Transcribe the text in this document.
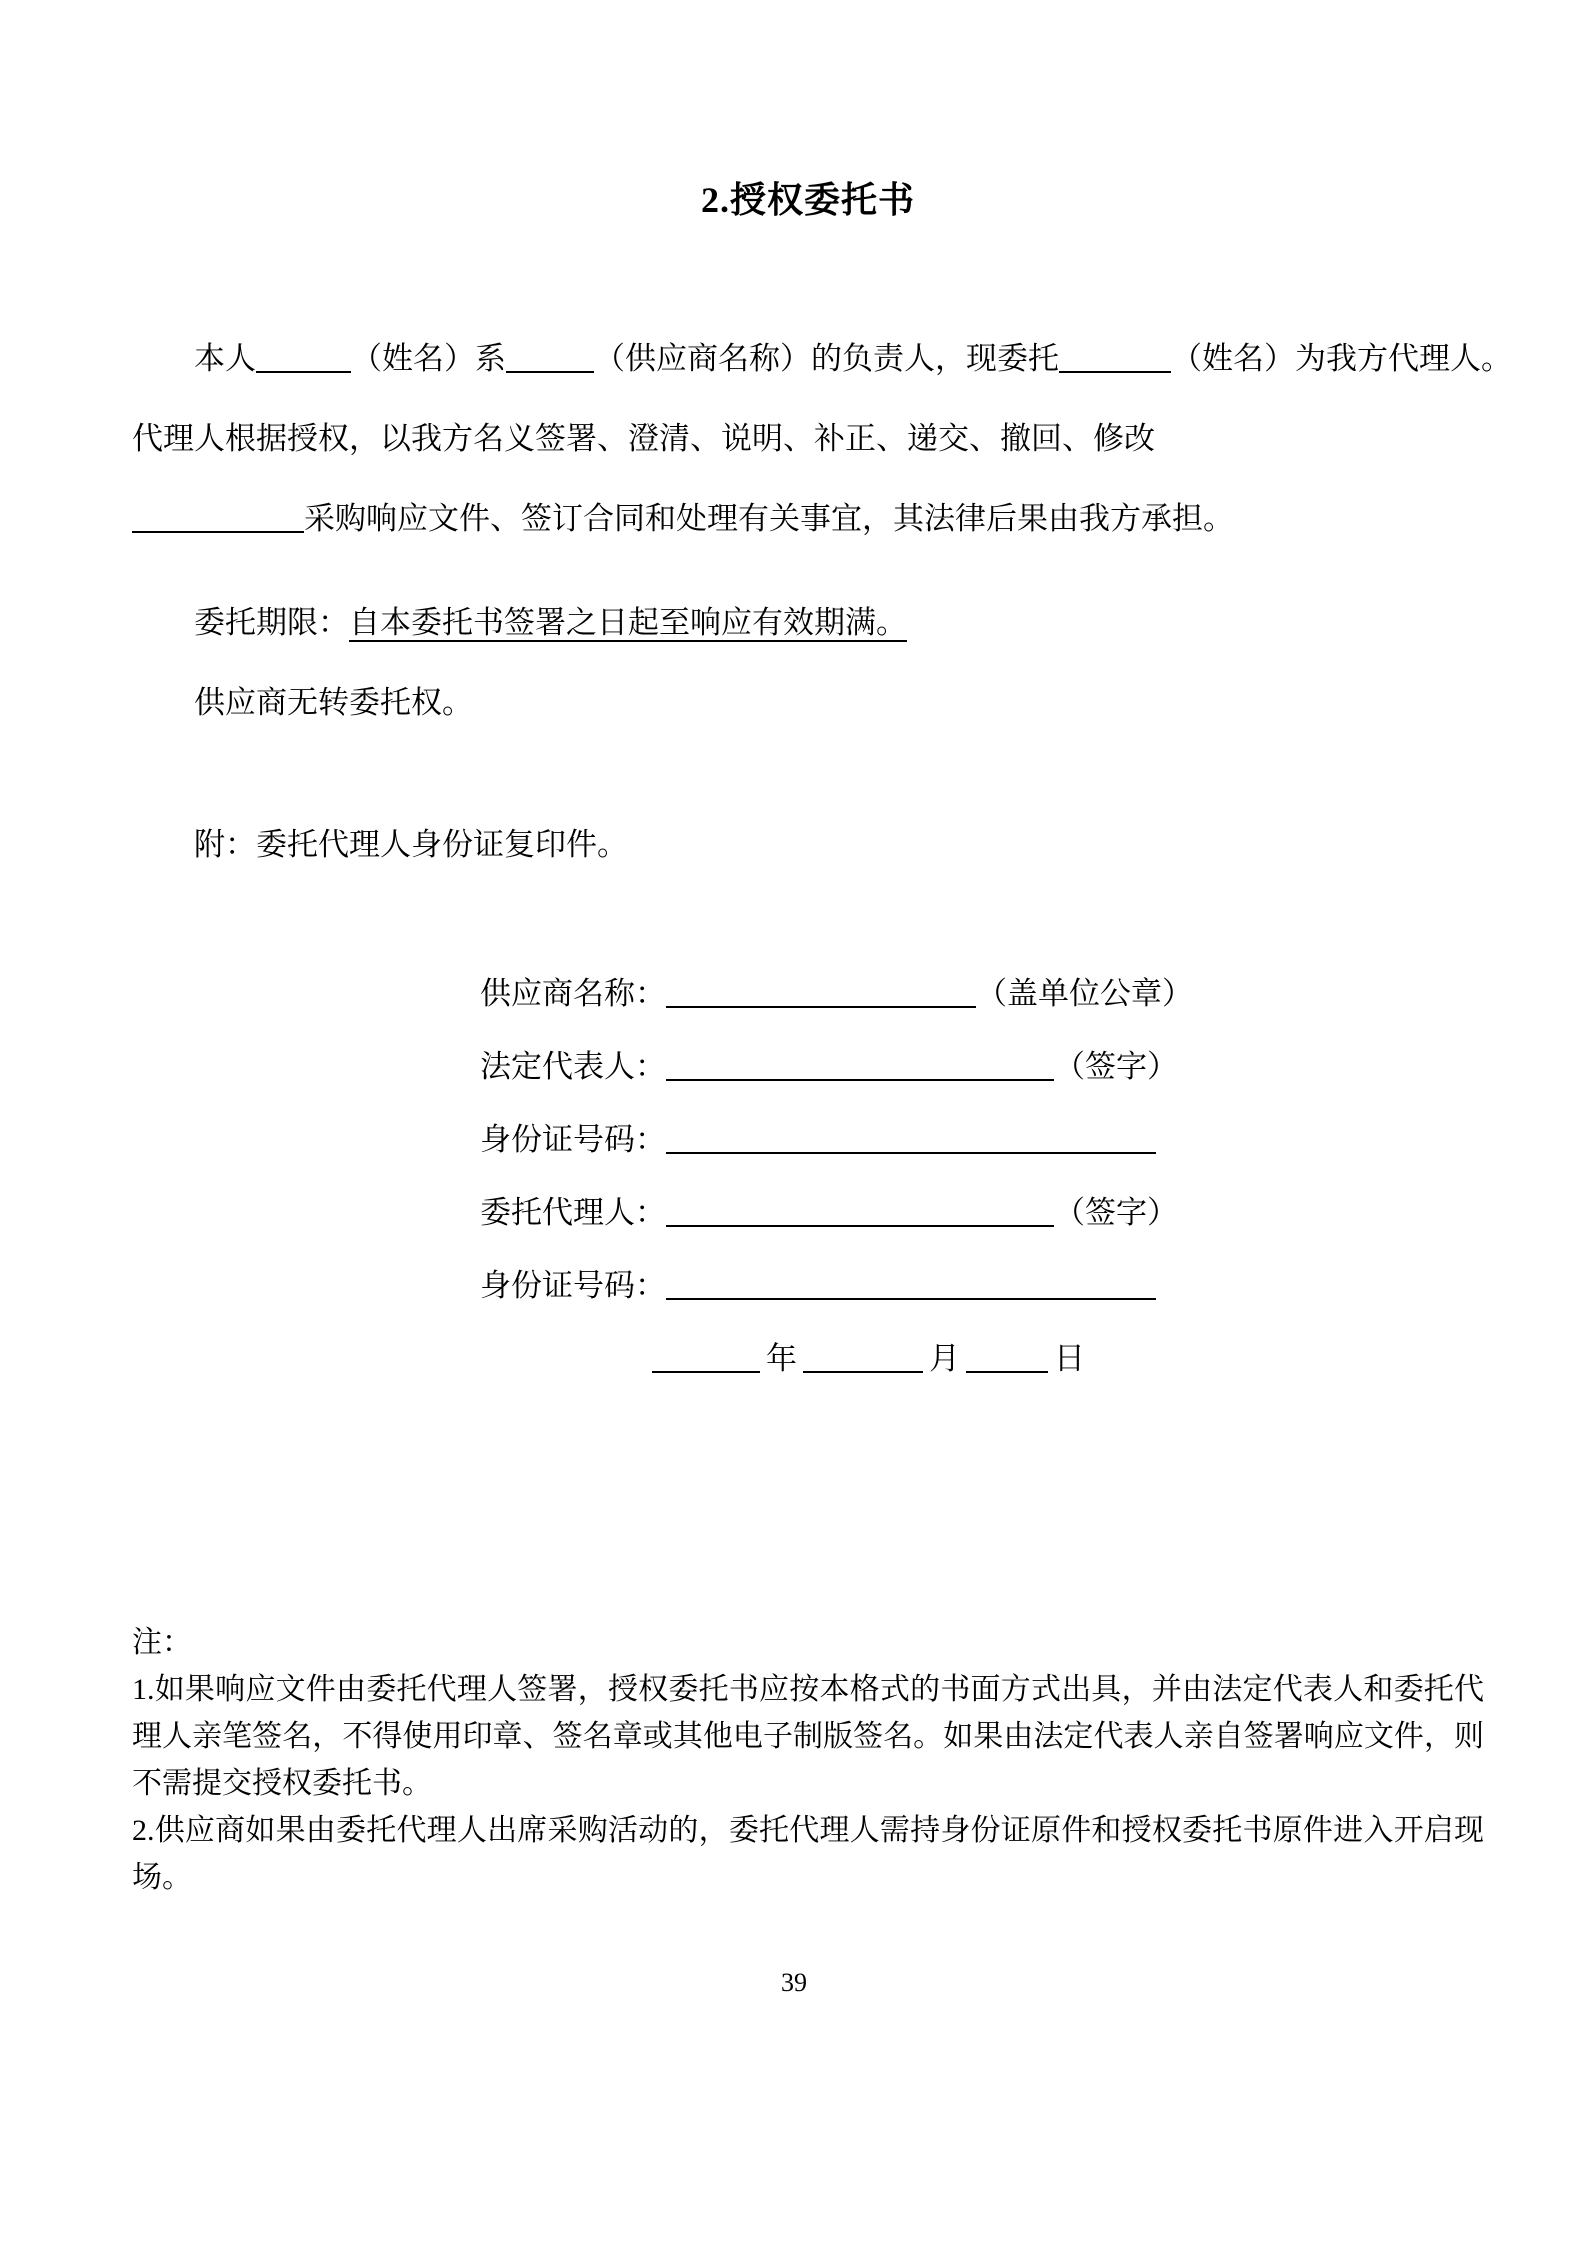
2.授权委托书
本人	（姓名）系	（供应商名称）的负责人，现委托	（姓名）为我方代理人。
代理人根据授权，以我方名义签署、澄清、说明、补正、递交、撤回、修改
采购响应文件、签订合同和处理有关事宜，其法律后果由我方承担。
委托期限：自本委托书签署之日起至响应有效期满。
供应商无转委托权。
附：委托代理人身份证复印件。
供应商名称：	（盖单位公章）
法定代表人：	（签字）
身份证号码：
委托代理人：	（签字）
身份证号码：
年	月	日
注：
1.如果响应文件由委托代理人签署，授权委托书应按本格式的书面方式出具，并由法定代表人和委托代理人亲笔签名，不得使用印章、签名章或其他电子制版签名。如果由法定代表人亲自签署响应文件，则不需提交授权委托书。
2.供应商如果由委托代理人出席采购活动的，委托代理人需持身份证原件和授权委托书原件进入开启现场。
39
